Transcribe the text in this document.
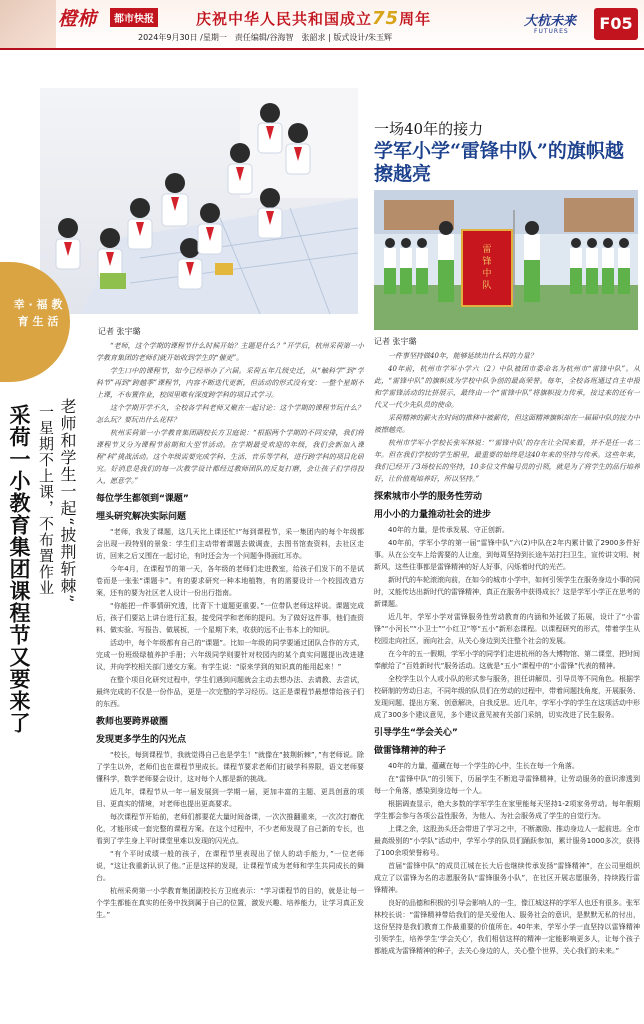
橙柿	都市快报	庆祝中华人民共和国成立75周年
2024年9月30日 /星期一　责任编辑/谷海智　张韶求 | 版式设计/朱玉辉
大杭未来
FUTURES	F05
幸 · 福 教 育 生 活
老师和学生一起“披荆斩棘”
一星期不上课，不布置作业
采荷一小教育集团课程节又要来了
记者 张宇璐

“老师，这个学期的课程节什么时候开始？主题是什么？”开学后，杭州采荷第一小学教育集团的老师们就开始收到学生的“催更”。

学生口中的课程节，如今已经举办了六届。采荷五年几级史迁，从“触科学”到“学科节”再到“跨越季”课程节，内容不断迭代更新，但活动的形式没有变：一整个星期不上课，不布置作业，校园里唯有深度跨学科的项目式学习。

这个学期开学不久，全校各学科老师又聚在一起讨论：这个学期的课程节玩什么？怎么玩？要玩出什么花样？

杭州采荷第一小学教育集团副校长方卫庭说：“根据两个学期的不同安排，我们将课程节又分为课程节前期和大型节活动。在学期最受欢迎的年级，我们会新加入课程“科”挑战活动。这个年级需要完成学科、生活、音乐等学科，进行跨学科的项目化研究。好消息是我们的每一次教学设计都经过教师团队的反复打磨，会让孩子们学得投入，愿意学。”

每位学生都领到“课题”
埋头研究解决实际问题

“老师，我发了课题，这几天比上课还忙!”每到课程节，采一集团内的每个年级都会出现一段特别的景象：学生们主动带着课题去做调查，去图书馆查资料，去社区走访，回来之后又围在一起讨论，有时还会为一个问题争得面红耳赤。

今年4月，在课程节的第一天，各年级的老师们走进教室，给孩子们发下的不是试卷而是一张张“课题卡”。有的要求研究一种本地植物，有的需要设计一个校园改造方案，还有的要为社区老人设计一份出行指南。

“你能把一件事情研究透，比背下十道题更重要。”一位带队老师这样说。课题完成后，孩子们要站上讲台进行汇报，接受同学和老师的提问。为了做好这件事，他们查资料、做实验、写报告、做展板，一个星期下来，收获的远不止书本上的知识。

活动中，每个年级都有自己的“课题”。比如一年级的同学要通过团队合作的方式，完成一份班级绿植养护手册；六年级同学则要针对校园内的某个真实问题提出改进建议，并向学校相关部门递交方案。有学生说：“原来学到的知识真的能用起来！”

在整个项目化研究过程中，学生们遇到问题就会主动去想办法、去请教、去尝试，最终完成的不仅是一份作品，更是一次完整的学习经历。这正是课程节最想带给孩子们的东西。

教师也要跨界破圈
发现更多学生的闪光点

“校长，每到课程节，我就觉得自己也是学生！”就像在“披荆斩棘”，”有老师说。除了学生以外，老师们也在课程节里成长。课程节要求老师们打破学科界限，语文老师要懂科学，数学老师要会设计，这对每个人都是新的挑战。

近几年，课程节从一年一届发展到一学期一届，更加丰富的主题、更具创意的项目、更真实的情境，对老师也提出更高要求。

每次课程节开始前，老师们都要花大量时间备课，一次次推翻重来，一次次打磨优化，才能形成一套完整的课程方案。在这个过程中，不少老师发现了自己新的专长，也看到了学生身上平时课堂里难以发现的闪光点。

“有个平时成绩一般的孩子，在课程节里表现出了惊人的动手能力，”一位老师说，“这让我重新认识了他。”正是这样的发现，让课程节成为老师和学生共同成长的舞台。

杭州采荷第一小学教育集团副校长方卫庭表示：“学习课程节的目的，就是让每一个学生都能在真实的任务中找到属于自己的位置，激发兴趣、培养能力，让学习真正发生。”

一场40年的接力
学军小学“雷锋中队”的旗帜越擦越亮
雷锋中队
记者 张宇璐

一件事坚持做40年，能够延续出什么样的力量？

40年前，杭州市学军小学六（2）中队被团市委命名为杭州市“雷锋中队”。从此，“雷锋中队”的旗帜成为学校中队争创的最高荣誉。每年，全校各班通过自主申报和学雷锋活动的比拼展示，最终由一个“雷锋中队”将旗帜接力传承，接过来的还有一代又一代少先队员的使命。

采荷精神的薪火在时间的推移中被薪传，但这面精神旗帜却在一届届中队的接力中被擦越亮。

杭州市学军小学校长张军林说：“‘雷锋中队’的存在让全国来看，并不是任一名二年。但在我们学校的学生眼里，最重要的始终是这40年来的坚持与传承。这些年来，我们已经开了3场校长的坚持，10多位文件编号员的引领，就是为了将学生的品行培养好，让价值观培养好，所以坚持。”

探索城市小学的服务性劳动
用小小的力量推动社会的进步

40年的力量，是传承发展、守正创新。

40年前，学军小学的第一届“雷锋中队”六(2)中队在2年内累计做了2900多件好事。从在公交车上给需要的人让座，到每周坚持到长途车站打扫卫生，宣传讲文明、树新风，这些往事都是雷锋精神的好人好事，闪烁着时代的光芒。

新时代的车轮滚滚向前，在如今的城市小学中，如何引领学生在服务身边小事的同时，又能传达出新时代的雷锋精神，真正在服务中获得成长？这是学军小学正在思考的新课题。

近几年，学军小学对雷锋服务性劳动教育的内涵和外延做了拓展，设计了“小雷锋”“小河长”“小卫士”“小红卫”等“五小”新形态课程。以课程研究的形式，带着学生从校园走向社区，面向社会，从关心身边到关注整个社会的发展。

在今年的五一假期，学军小学的同学们走进杭州的各大博物馆、第二课堂，把时间奉献给了“百姓新时代”服务活动。这就是“五小”课程中的“小雷锋”代表的精神。

全校学生以个人或小队的形式参与服务，担任讲解员、引导员等不同角色。根据学校研制的劳动日志，不同年级的队员们在劳动的过程中，带着问题找角度，开展服务、发现问题、提出方案、创意解决，自我反思。近几年，学军小学的学生在这项活动中形成了300多个建议意见，多个建议意见被有关部门采纳，切实改进了民生服务。

引导学生“学会关心”
做雷锋精神的种子

40年的力量，蕴藏在每一个学生的心中，生长在每一个角落。

在“雷锋中队”的引领下，历届学生不断追寻雷锋精神，让劳动服务的意识渗透到每一个角落，感染到身边每一个人。

根据调查显示，绝大多数的学军学生在家里能每天坚持1-2项家务劳动。每年假期学生都会参与各项公益性服务，为他人、为社会服务成了学生的自觉行为。

上课之余，这股劲头还会带进了学习之中，不断激励、推动身边人一起前进。全市最高级别的“小学队”活动中，学军小学的队员们踊跃参加，累计服务1000多次，获得了100余项荣誉称号。

首届“雷锋中队”的成员江城在长大后也继续传承发扬“雷锋精神”，在公司里组织成立了以雷锋为名的志愿服务队“雷锋服务小队”，在社区开展志愿服务，持续践行雷锋精神。

良好的品德和积极的引导会影响人的一生，像江城这样的学军人也还有很多。张军林校长说：“雷锋精神带给我们的是关爱他人、服务社会的意识，是默默无私的付出，这份坚持是我们教育工作最重要的价值所在。40年来，学军小学一直坚持以雷锋精神引领学生，培养学生‘学会关心’，我们相信这样的精神一定能影响更多人，让每个孩子都能成为雷锋精神的种子，去关心身边的人，关心整个世界，关心我们的未来。”
